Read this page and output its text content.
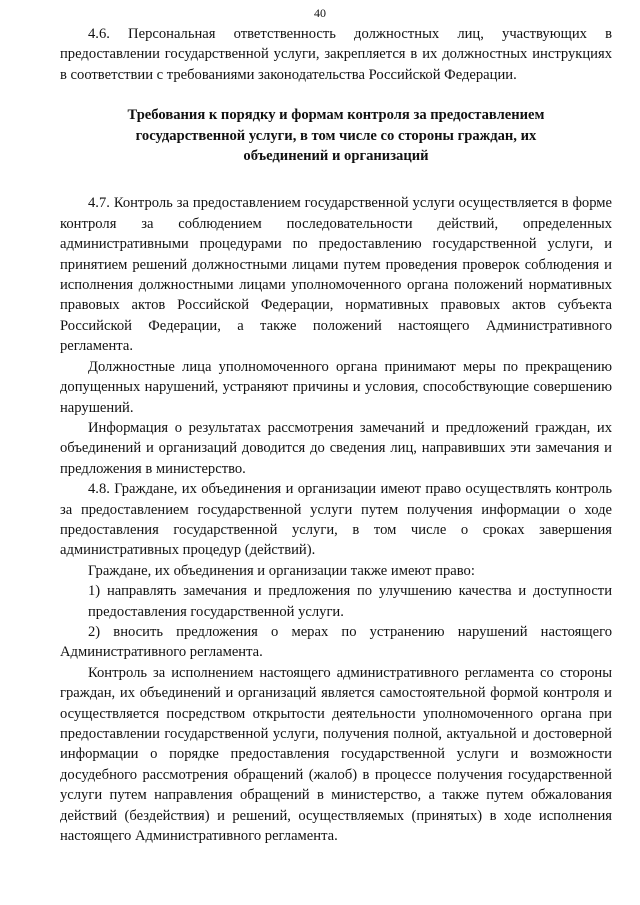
40

4.6. Персональная ответственность должностных лиц, участвующих в предоставлении государственной услуги, закрепляется в их должностных инструкциях в соответствии с требованиями законодательства Российской Федерации.

Требования к порядку и формам контроля за предоставлением государственной услуги, в том числе со стороны граждан, их объединений и организаций

4.7. Контроль за предоставлением государственной услуги осуществляется в форме контроля за соблюдением последовательности действий, определенных административными процедурами по предоставлению государственной услуги, и принятием решений должностными лицами путем проведения проверок соблюдения и исполнения должностными лицами уполномоченного органа положений нормативных правовых актов Российской Федерации, нормативных правовых актов субъекта Российской Федерации, а также положений настоящего Административного регламента.

Должностные лица уполномоченного органа принимают меры по прекращению допущенных нарушений, устраняют причины и условия, способствующие совершению нарушений.

Информация о результатах рассмотрения замечаний и предложений граждан, их объединений и организаций доводится до сведения лиц, направивших эти замечания и предложения в министерство.

4.8. Граждане, их объединения и организации имеют право осуществлять контроль за предоставлением государственной услуги путем получения информации о ходе предоставления государственной услуги, в том числе о сроках завершения административных процедур (действий).

Граждане, их объединения и организации также имеют право:

1) направлять замечания и предложения по улучшению качества и доступности предоставления государственной услуги.

2) вносить предложения о мерах по устранению нарушений настоящего Административного регламента.

Контроль за исполнением настоящего административного регламента со стороны граждан, их объединений и организаций является самостоятельной формой контроля и осуществляется посредством открытости деятельности уполномоченного органа при предоставлении государственной услуги, получения полной, актуальной и достоверной информации о порядке предоставления государственной услуги и возможности досудебного рассмотрения обращений (жалоб) в процессе получения государственной услуги путем направления обращений в министерство, а также путем обжалования действий (бездействия) и решений, осуществляемых (принятых) в ходе исполнения настоящего Административного регламента.
